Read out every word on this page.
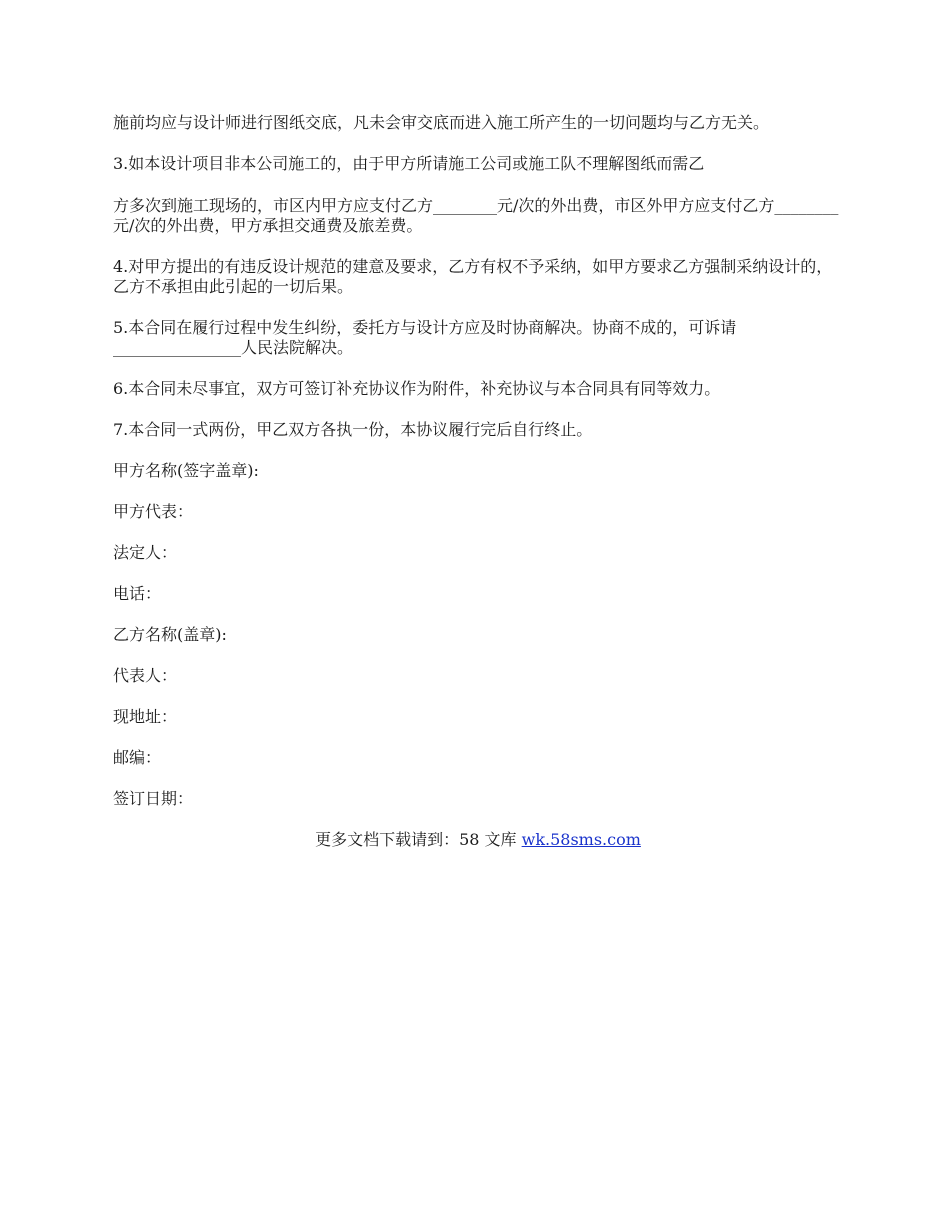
施前均应与设计师进行图纸交底，凡未会审交底而进入施工所产生的一切问题均与乙方无关。

3.如本设计项目非本公司施工的，由于甲方所请施工公司或施工队不理解图纸而需乙

方多次到施工现场的，市区内甲方应支付乙方________元/次的外出费，市区外甲方应支付乙方________元/次的外出费，甲方承担交通费及旅差费。

4.对甲方提出的有违反设计规范的建意及要求，乙方有权不予采纳，如甲方要求乙方强制采纳设计的，乙方不承担由此引起的一切后果。

5.本合同在履行过程中发生纠纷，委托方与设计方应及时协商解决。协商不成的，可诉请________________人民法院解决。

6.本合同未尽事宜，双方可签订补充协议作为附件，补充协议与本合同具有同等效力。

7.本合同一式两份，甲乙双方各执一份，本协议履行完后自行终止。

甲方名称(签字盖章):

甲方代表：

法定人：

电话：

乙方名称(盖章):

代表人：

现地址：

邮编：

签订日期：

更多文档下载请到：58 文库 wk.58sms.com
